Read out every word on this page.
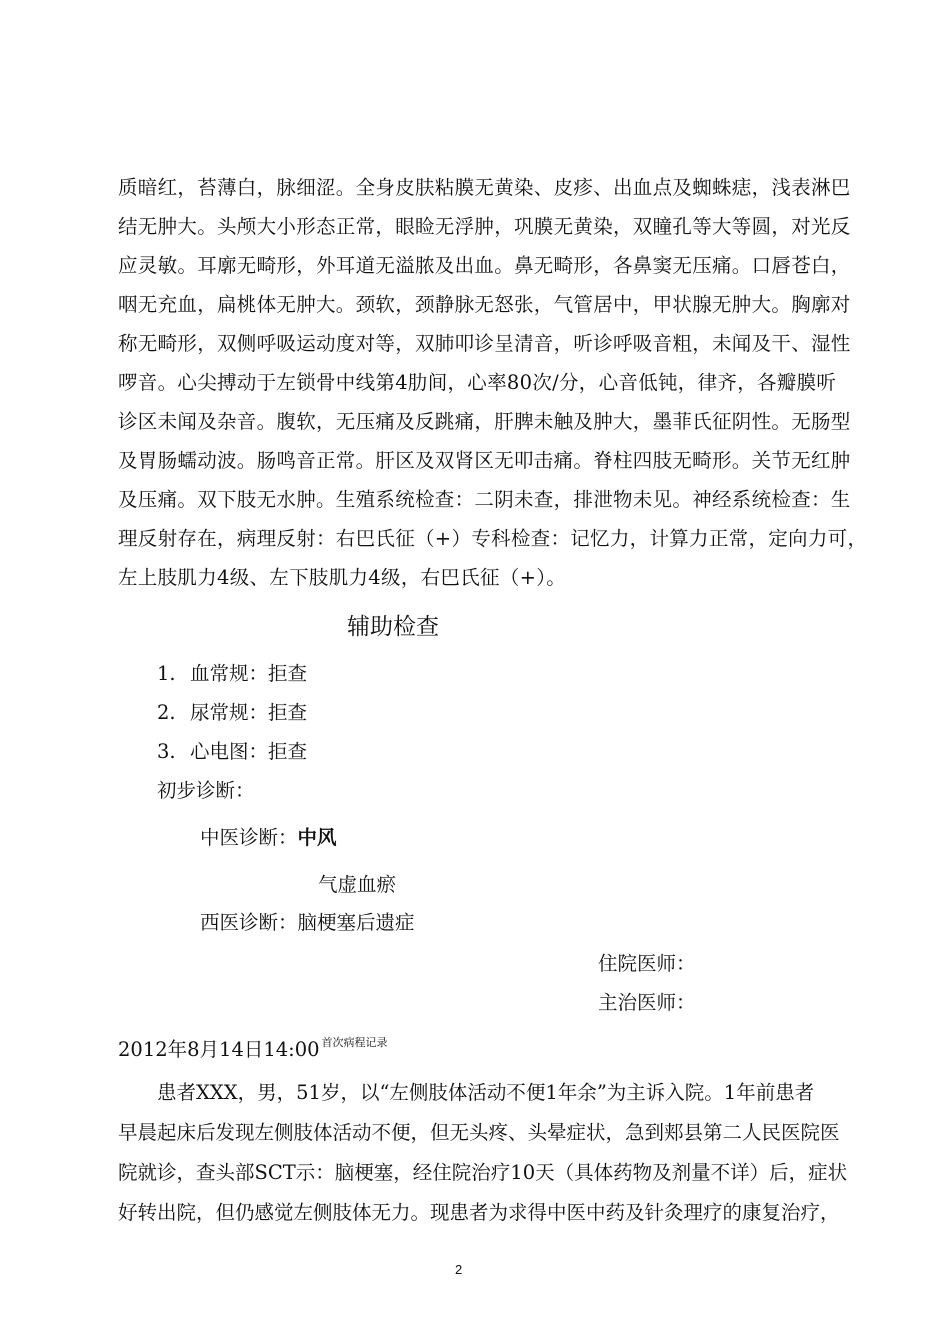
质暗红，苔薄白，脉细涩。全身皮肤粘膜无黄染、皮疹、出血点及蜘蛛痣，浅表淋巴
结无肿大。头颅大小形态正常，眼睑无浮肿，巩膜无黄染，双瞳孔等大等圆，对光反
应灵敏。耳廓无畸形，外耳道无溢脓及出血。鼻无畸形，各鼻窦无压痛。口唇苍白，
咽无充血，扁桃体无肿大。颈软，颈静脉无怒张，气管居中，甲状腺无肿大。胸廓对
称无畸形，双侧呼吸运动度对等，双肺叩诊呈清音，听诊呼吸音粗，未闻及干、湿性
啰音。心尖搏动于左锁骨中线第4肋间，心率80次/分，心音低钝，律齐，各瓣膜听
诊区未闻及杂音。腹软，无压痛及反跳痛，肝脾未触及肿大，墨菲氏征阴性。无肠型
及胃肠蠕动波。肠鸣音正常。肝区及双肾区无叩击痛。脊柱四肢无畸形。关节无红肿
及压痛。双下肢无水肿。生殖系统检查：二阴未查，排泄物未见。神经系统检查：生
理反射存在，病理反射：右巴氏征（+）专科检查：记忆力，计算力正常，定向力可，
左上肢肌力4级、左下肢肌力4级，右巴氏征（+）。
辅助检查
1. 血常规：拒查
2. 尿常规：拒查
3. 心电图：拒查
初步诊断：
中医诊断：中风
气虚血瘀
西医诊断：脑梗塞后遗症
住院医师：
主治医师：
2012年8月14日14:00 $^{首次病程记录}$
　　患者XXX，男，51岁，以“左侧肢体活动不便1年余”为主诉入院。1年前患者
早晨起床后发现左侧肢体活动不便，但无头疼、头晕症状，急到郏县第二人民医院医
院就诊，查头部SCT示：脑梗塞，经住院治疗10天（具体药物及剂量不详）后，症状
好转出院，但仍感觉左侧肢体无力。现患者为求得中医中药及针灸理疗的康复治疗，
2
